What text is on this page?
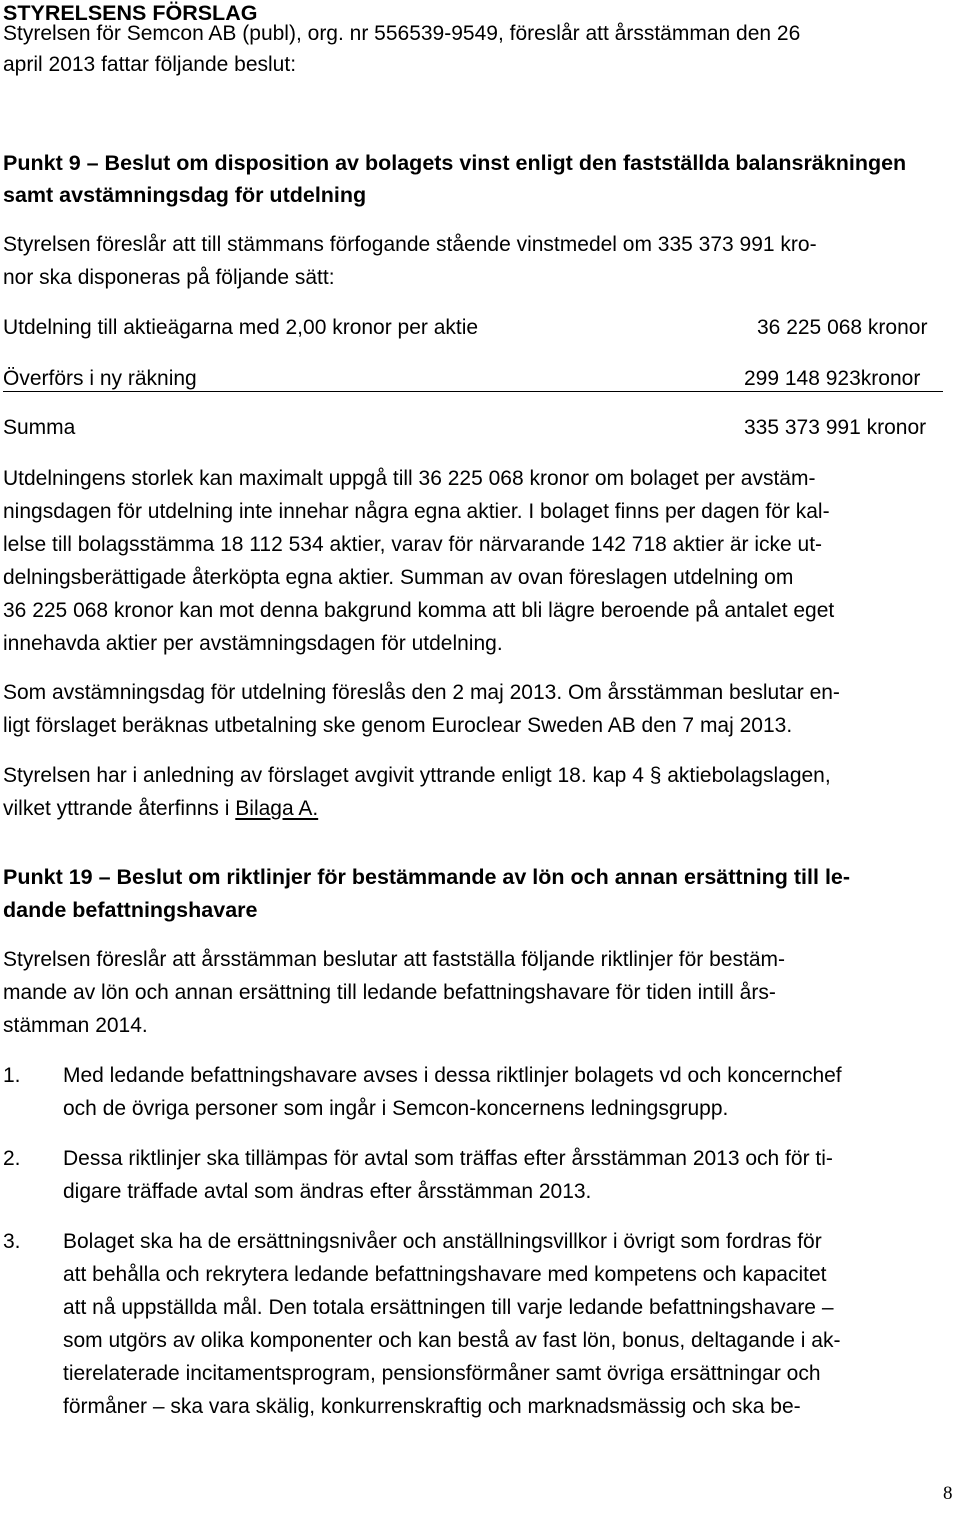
STYRELSENS FÖRSLAG
Styrelsen för Semcon AB (publ), org. nr 556539-9549, föreslår att årsstämman den 26
april 2013 fattar följande beslut:
Punkt 9 – Beslut om disposition av bolagets vinst enligt den fastställda balansräkningen
samt avstämningsdag för utdelning
Styrelsen föreslår att till stämmans förfogande stående vinstmedel om 335 373 991 kro-
nor ska disponeras på följande sätt:
Utdelning till aktieägarna med 2,00 kronor per aktie	36 225 068 kronor
Överförs i ny räkning	299 148 923kronor
Summa	335 373 991 kronor
Utdelningens storlek kan maximalt uppgå till 36 225 068 kronor om bolaget per avstäm-
ningsdagen för utdelning inte innehar några egna aktier. I bolaget finns per dagen för kal-
lelse till bolagsstämma 18 112 534 aktier, varav för närvarande 142 718 aktier är icke ut-
delningsberättigade återköpta egna aktier. Summan av ovan föreslagen utdelning om
36 225 068 kronor kan mot denna bakgrund komma att bli lägre beroende på antalet eget
innehavda aktier per avstämningsdagen för utdelning.
Som avstämningsdag för utdelning föreslås den 2 maj 2013. Om årsstämman beslutar en-
ligt förslaget beräknas utbetalning ske genom Euroclear Sweden AB den 7 maj 2013.
Styrelsen har i anledning av förslaget avgivit yttrande enligt 18. kap 4 § aktiebolagslagen,
vilket yttrande återfinns i Bilaga A.
Punkt 19 – Beslut om riktlinjer för bestämmande av lön och annan ersättning till le-
dande befattningshavare
Styrelsen föreslår att årsstämman beslutar att fastställa följande riktlinjer för bestäm-
mande av lön och annan ersättning till ledande befattningshavare för tiden intill års-
stämman 2014.
1. Med ledande befattningshavare avses i dessa riktlinjer bolagets vd och koncernchef
och de övriga personer som ingår i Semcon-koncernens ledningsgrupp.
2. Dessa riktlinjer ska tillämpas för avtal som träffas efter årsstämman 2013 och för ti-
digare träffade avtal som ändras efter årsstämman 2013.
3. Bolaget ska ha de ersättningsnivåer och anställningsvillkor i övrigt som fordras för
att behålla och rekrytera ledande befattningshavare med kompetens och kapacitet
att nå uppställda mål. Den totala ersättningen till varje ledande befattningshavare –
som utgörs av olika komponenter och kan bestå av fast lön, bonus, deltagande i ak-
tierelaterade incitamentsprogram, pensionsförmåner samt övriga ersättningar och
förmåner – ska vara skälig, konkurrenskraftig och marknadsmässig och ska be-
8
